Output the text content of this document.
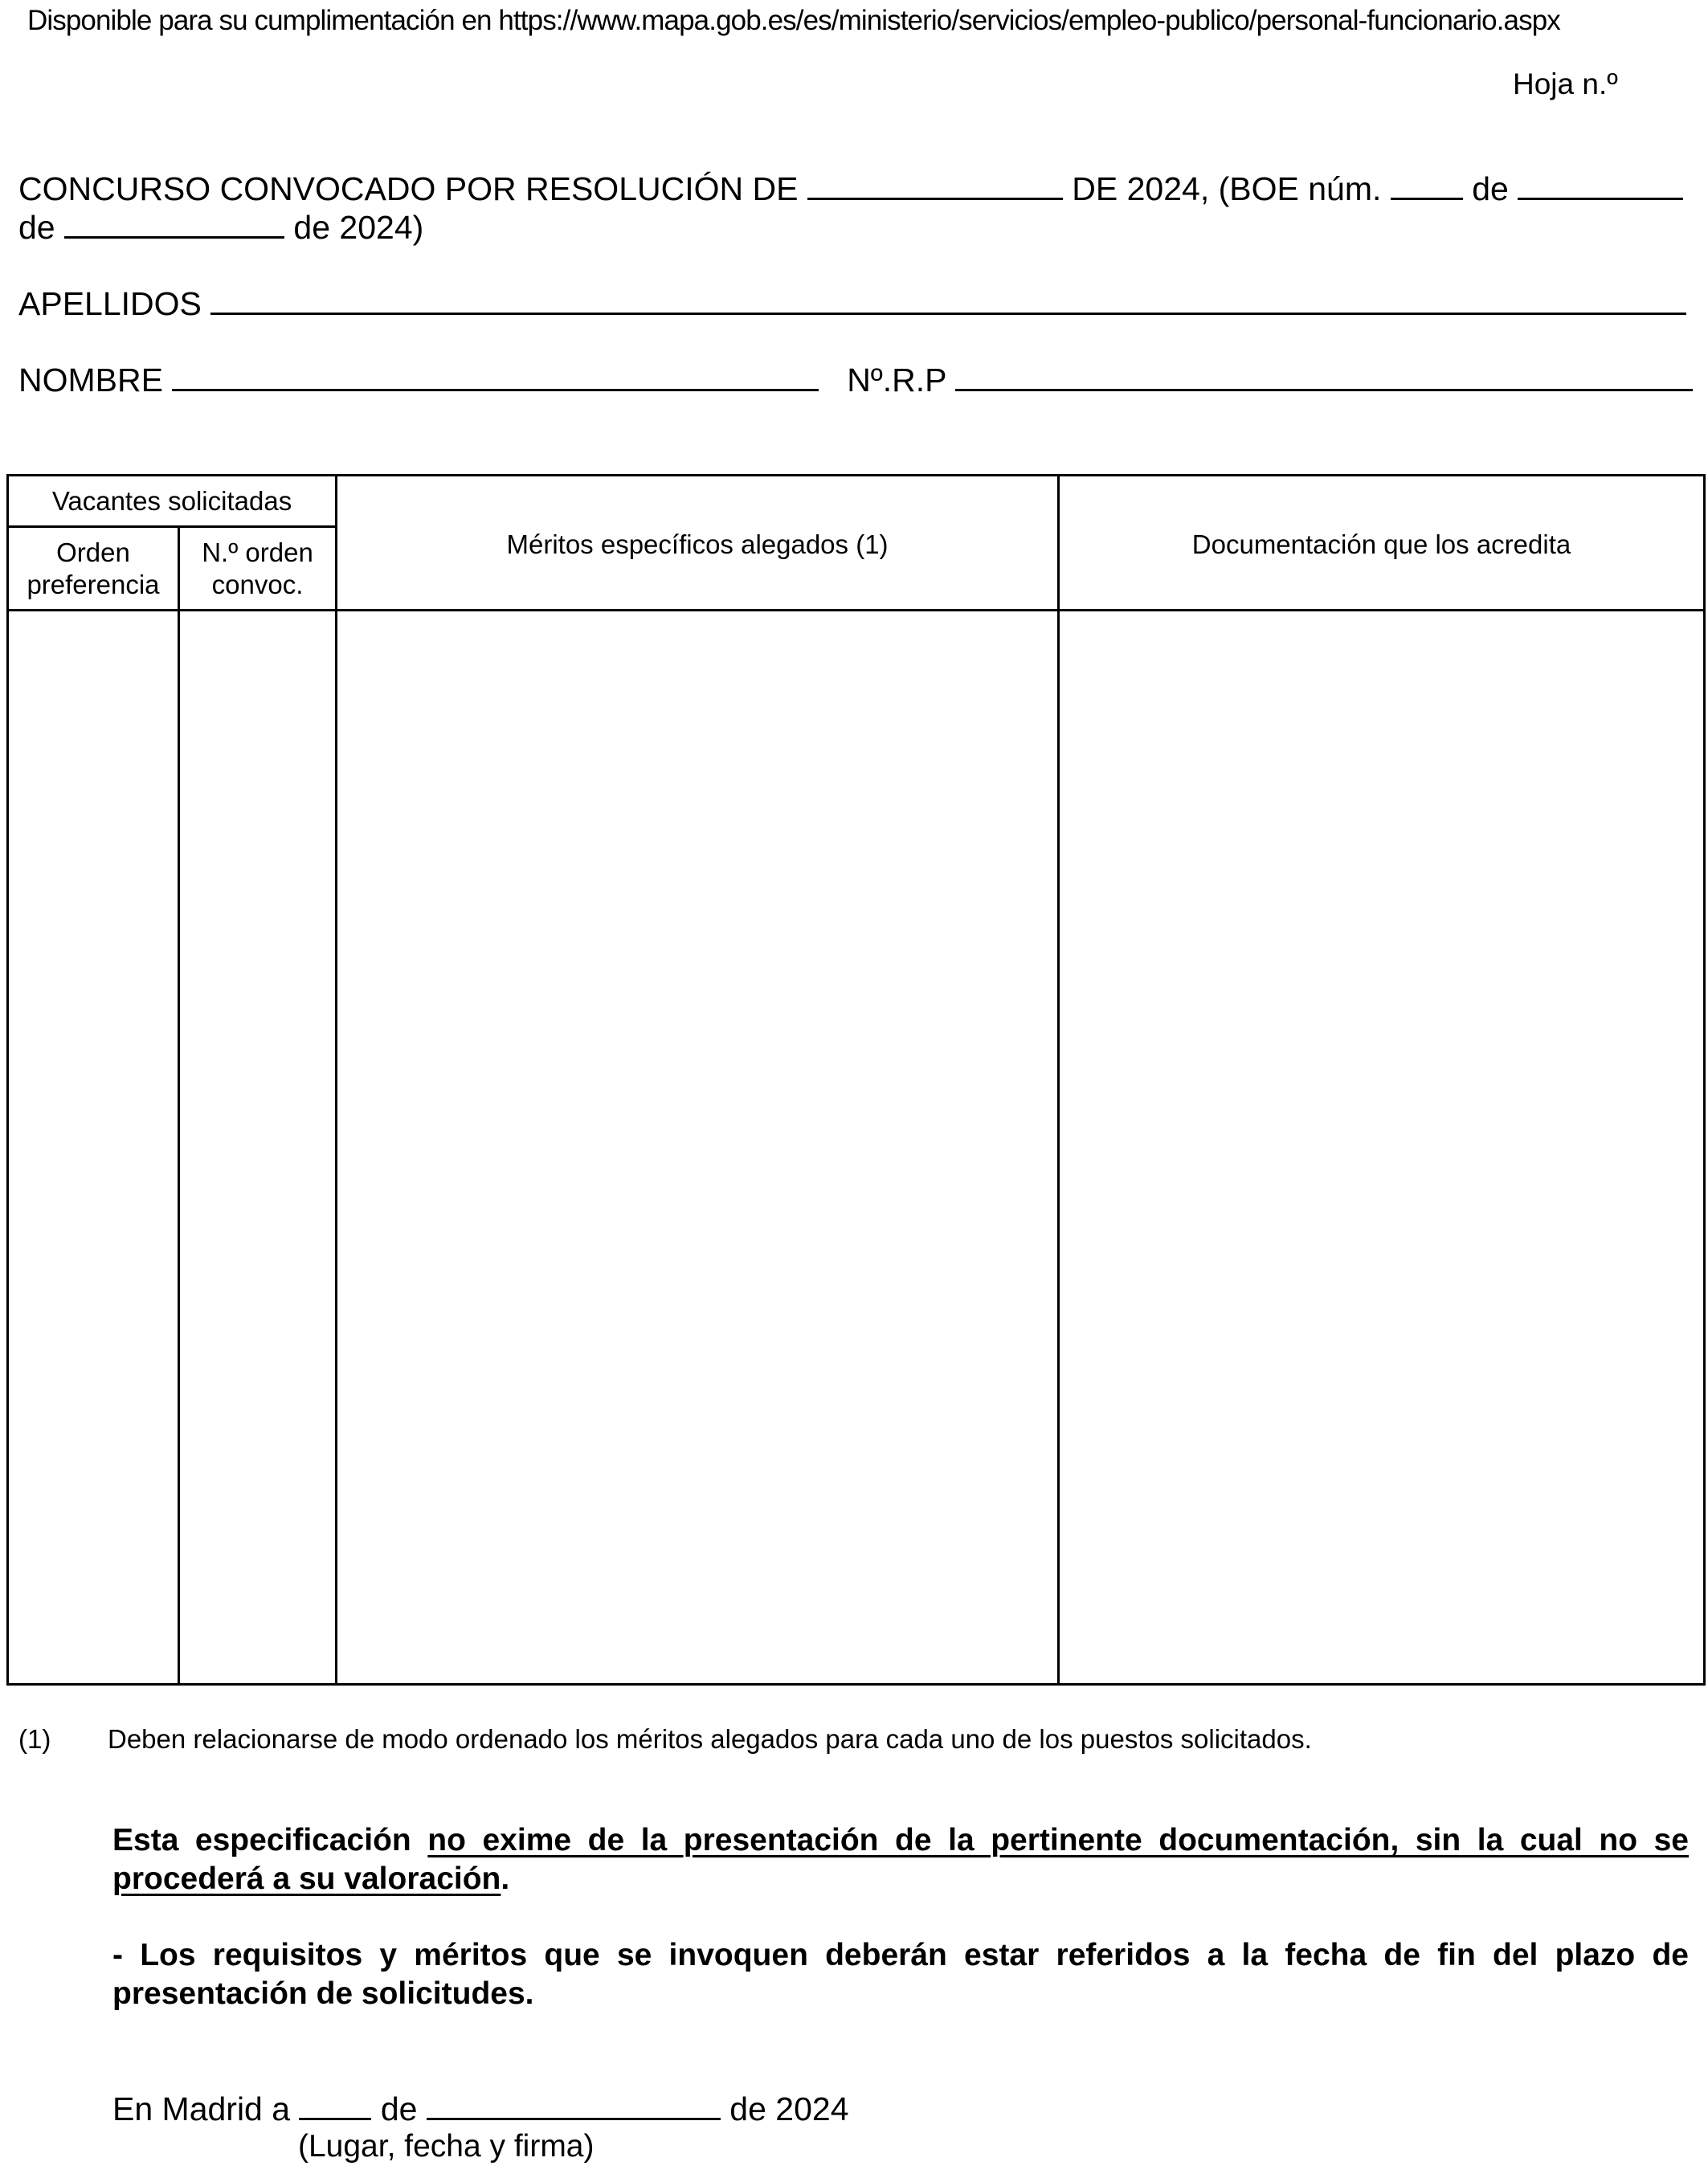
Disponible para su cumplimentación en https://www.mapa.gob.es/es/ministerio/servicios/empleo-publico/personal-funcionario.aspx
Hoja n.º
CONCURSO CONVOCADO POR RESOLUCIÓN DE	DE 2024, (BOE núm.	de
de	de 2024)
APELLIDOS
NOMBRE	Nº.R.P
Vacantes solicitadas		Méritos específicos alegados (1)	Documentación que los acredita
Orden preferencia	N.º orden convoc.		

(1) Deben relacionarse de modo ordenado los méritos alegados para cada uno de los puestos solicitados.
Esta especificación no exime de la presentación de la pertinente documentación, sin la cual no se procederá a su valoración.
- Los requisitos y méritos que se invoquen deberán estar referidos a la fecha de fin del plazo de presentación de solicitudes.
En Madrid a	de	de 2024
(Lugar, fecha y firma)
